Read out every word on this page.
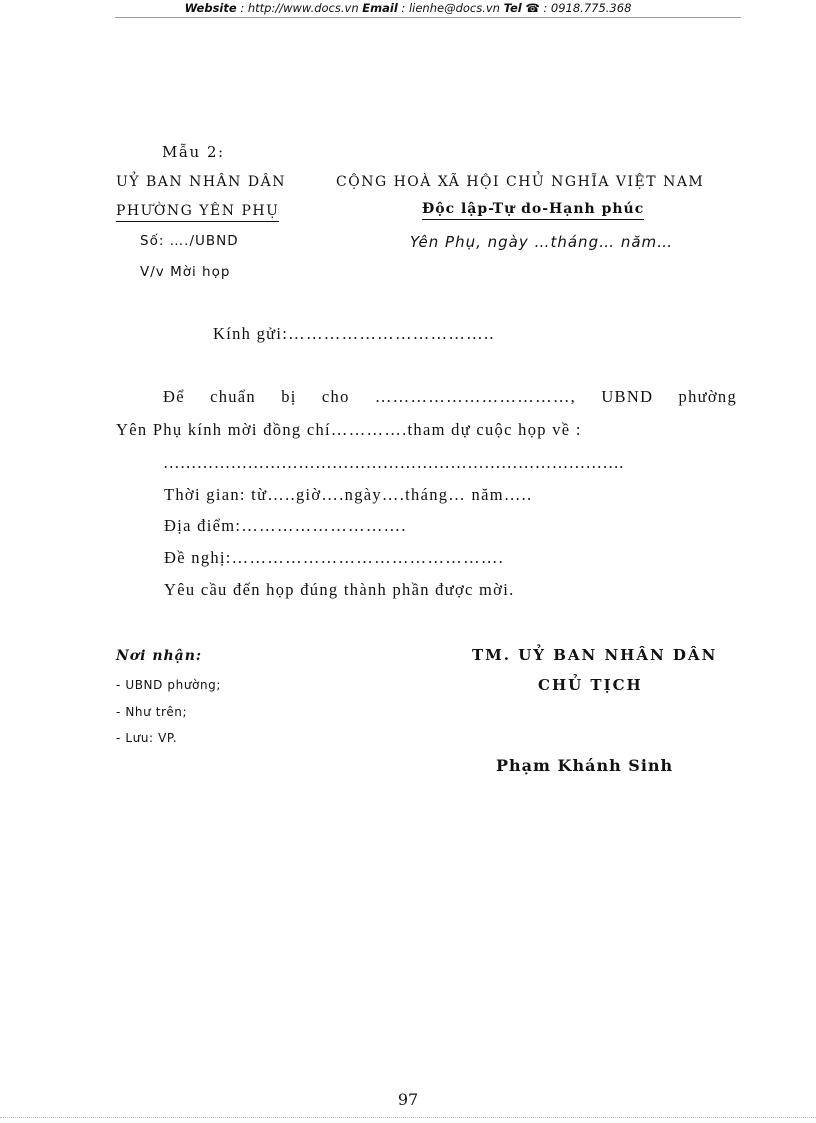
Website : http://www.docs.vn Email : lienhe@docs.vn Tel ☎ : 0918.775.368
Mẫu 2:
UỶ BAN NHÂN DÂN
PHƯỜNG YÊN PHỤ
Số: …./UBND
V/v Mời họp
CỘNG HOÀ XÃ HỘI CHỦ NGHĨA VIỆT NAM
Độc lập-Tự do-Hạnh phúc
Yên Phụ, ngày …tháng… năm…
Kính gửi:……………………………..
Để chuẩn bị cho ……………………………, UBND phường
Yên Phụ kính mời đồng chí………….tham dự cuộc họp về :
……………………………………………………………………….
Thời gian: từ…..giờ….ngày….tháng… năm…..
Địa điểm:……………………….
Đề nghị:……………………………………….
Yêu cầu đến họp đúng thành phần được mời.
Nơi nhận:
- UBND phường;
- Như trên;
- Lưu: VP.
TM. UỶ BAN NHÂN DÂN
CHỦ TỊCH
Phạm Khánh Sinh
97
